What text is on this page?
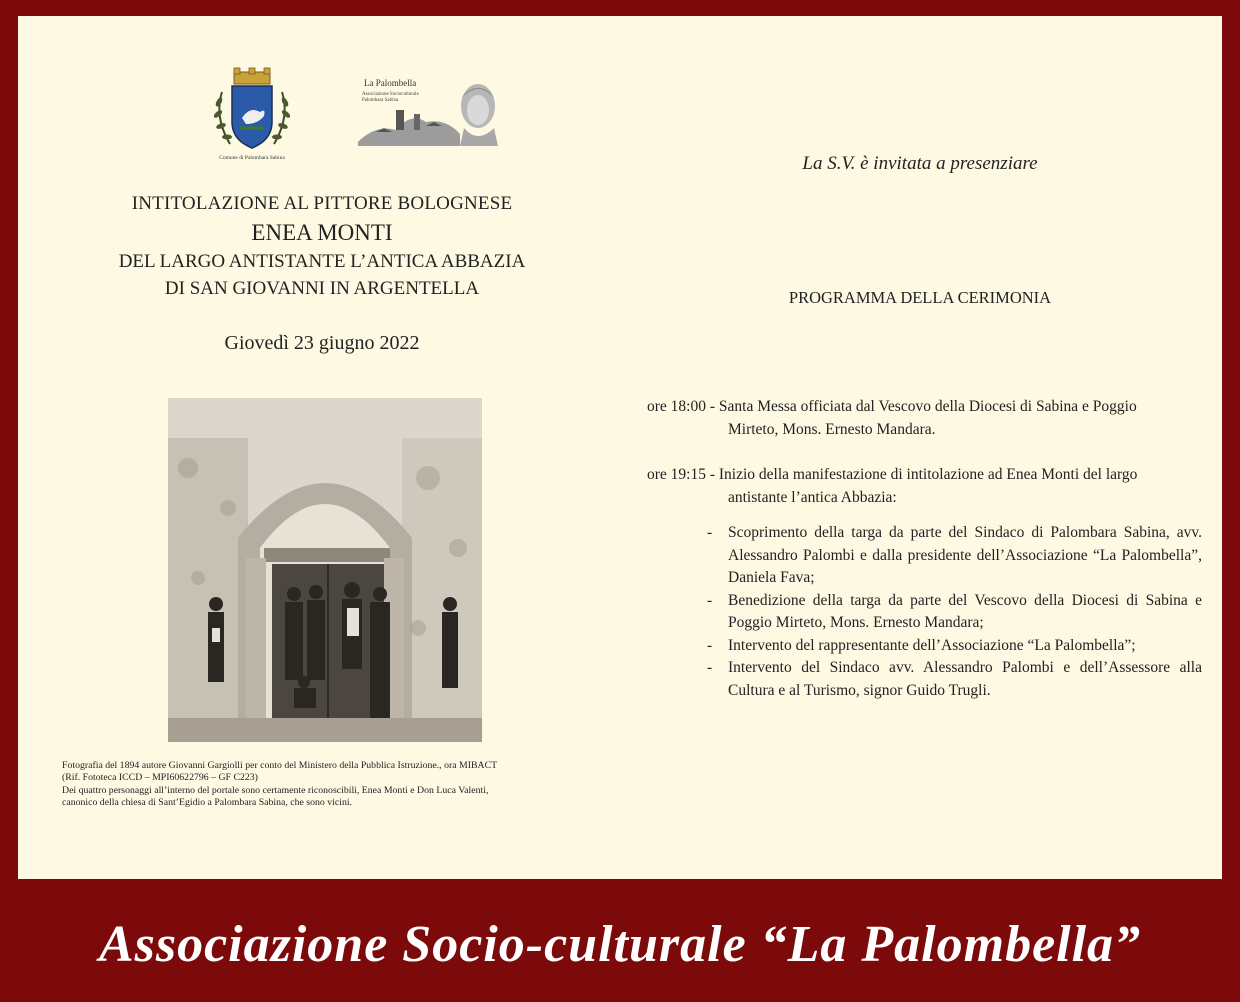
Comune di Palombara Sabina
La Palombella
Associazione Socioculturale
Palombara Sabina
INTITOLAZIONE AL PITTORE BOLOGNESE
ENEA MONTI
DEL LARGO ANTISTANTE L’ANTICA ABBAZIA
DI SAN GIOVANNI IN ARGENTELLA
Giovedì 23 giugno 2022
Fotografia del 1894 autore Giovanni Gargiolli per conto del Ministero della Pubblica Istruzione., ora MIBACT
(Rif. Fototeca ICCD – MPI60622796 – GF C223)
Dei quattro personaggi all’interno del portale sono certamente riconoscibili, Enea Monti e Don Luca Valenti,
canonico della chiesa di Sant’Egidio a Palombara Sabina, che sono vicini.
La S.V. è invitata a presenziare
PROGRAMMA DELLA CERIMONIA
ore 18:00 - Santa Messa officiata dal Vescovo della Diocesi di Sabina e Poggio
Mirteto, Mons. Ernesto Mandara.
ore 19:15 - Inizio della manifestazione di intitolazione ad Enea Monti del largo
antistante l’antica Abbazia:
- Scoprimento della targa da parte del Sindaco di Palombara Sabina, avv. Alessandro Palombi e dalla presidente dell’Associazione “La Palombella”, Daniela Fava;
- Benedizione della targa da parte del Vescovo della Diocesi di Sabina e Poggio Mirteto, Mons. Ernesto Mandara;
- Intervento del rappresentante dell’Associazione “La Palombella”;
- Intervento del Sindaco avv. Alessandro Palombi e dell’Assessore alla Cultura e al Turismo, signor Guido Trugli.
Associazione Socio-culturale “La Palombella”
